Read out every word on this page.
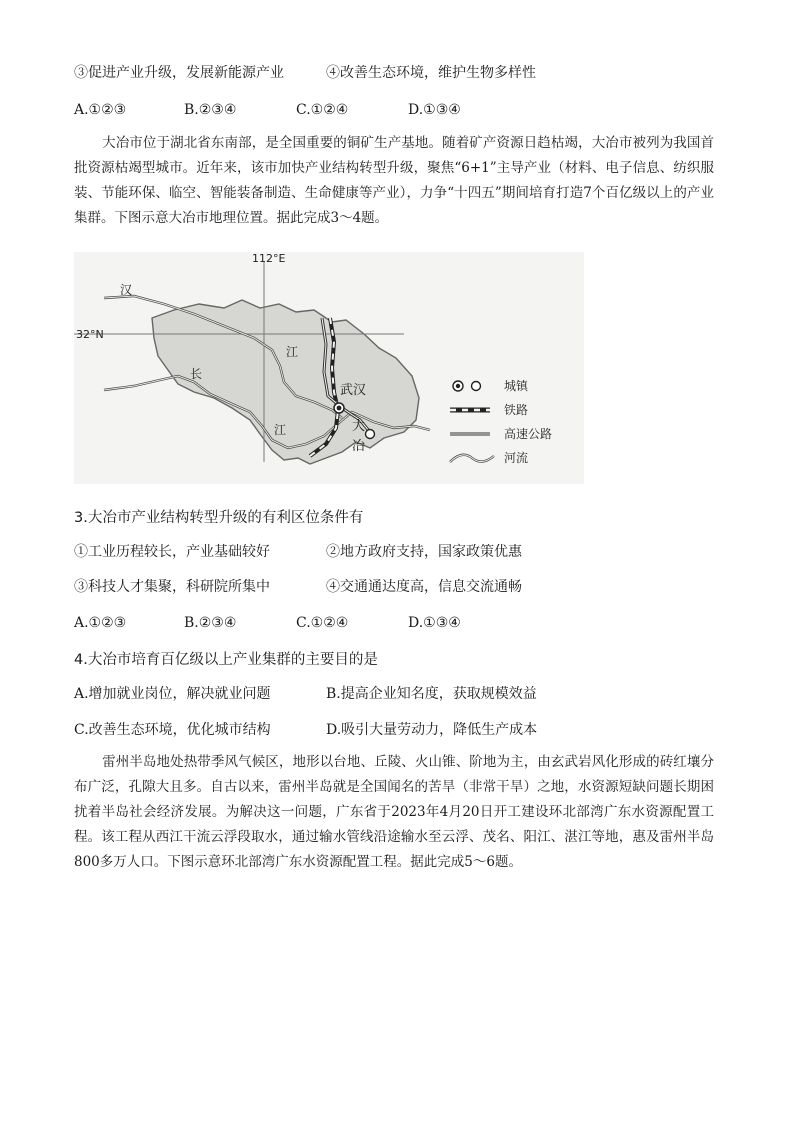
③促进产业升级，发展新能源产业	④改善生态环境，维护生物多样性
A.①②③	B.②③④	C.①②④	D.①③④
大冶市位于湖北省东南部，是全国重要的铜矿生产基地。随着矿产资源日趋枯竭，大冶市被列为我国首批资源枯竭型城市。近年来，该市加快产业结构转型升级，聚焦“6+1”主导产业（材料、电子信息、纺织服装、节能环保、临空、智能装备制造、生命健康等产业），力争“十四五”期间培育打造7个百亿级以上的产业集群。下图示意大冶市地理位置。据此完成3～4题。
112°E
32°N
汉
江
长
江
武汉
大
冶
城镇
铁路
高速公路
河流
3.大冶市产业结构转型升级的有利区位条件有
①工业历程较长，产业基础较好	②地方政府支持，国家政策优惠
③科技人才集聚，科研院所集中	④交通通达度高，信息交流通畅
A.①②③	B.②③④	C.①②④	D.①③④
4.大冶市培育百亿级以上产业集群的主要目的是
A.增加就业岗位，解决就业问题	B.提高企业知名度，获取规模效益
C.改善生态环境，优化城市结构	D.吸引大量劳动力，降低生产成本
雷州半岛地处热带季风气候区，地形以台地、丘陵、火山锥、阶地为主，由玄武岩风化形成的砖红壤分布广泛，孔隙大且多。自古以来，雷州半岛就是全国闻名的苦旱（非常干旱）之地，水资源短缺问题长期困扰着半岛社会经济发展。为解决这一问题，广东省于2023年4月20日开工建设环北部湾广东水资源配置工程。该工程从西江干流云浮段取水，通过输水管线沿途输水至云浮、茂名、阳江、湛江等地，惠及雷州半岛800多万人口。下图示意环北部湾广东水资源配置工程。据此完成5～6题。
